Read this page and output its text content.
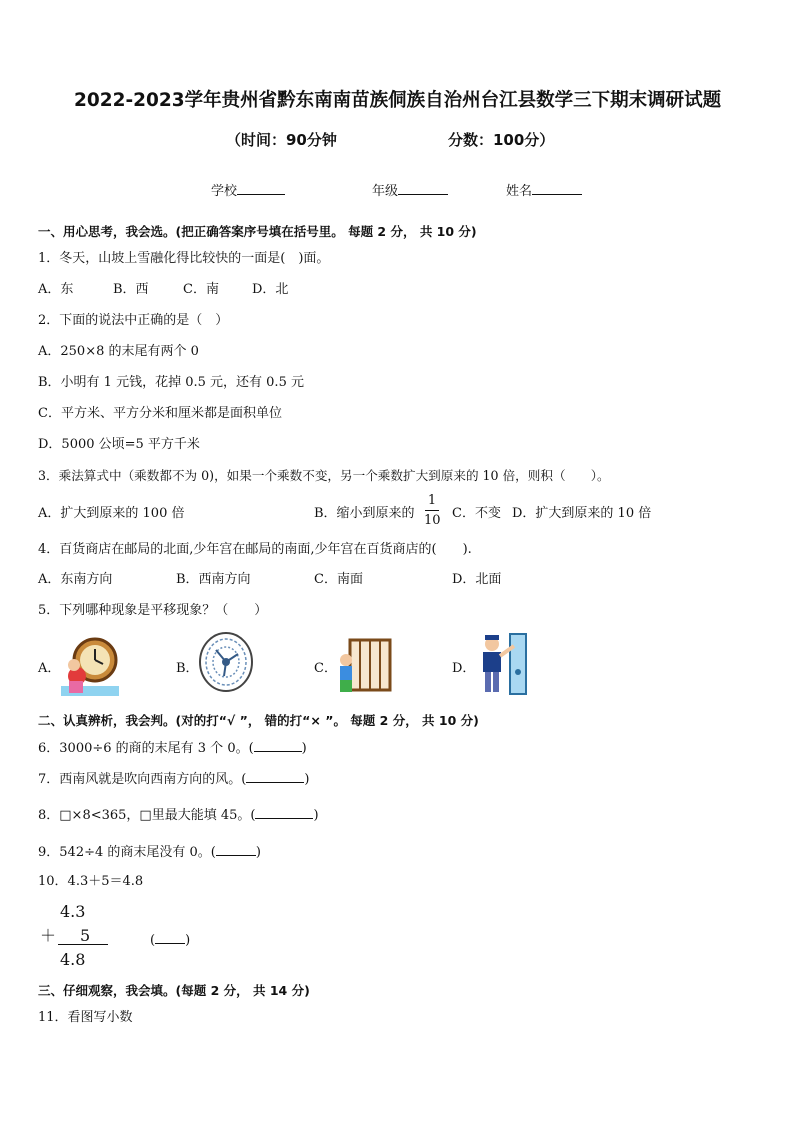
2022-2023学年贵州省黔东南南苗族侗族自治州台江县数学三下期末调研试题
（时间：90分钟	分数：100分）
学校	年级	姓名
一、用心思考，我会选。(把正确答案序号填在括号里。 每题 2 分， 共 10 分)
1．冬天，山坡上雪融化得比较快的一面是(　)面。
A．东	B．西	C．南	D．北
2．下面的说法中正确的是（　）
A．250×8 的末尾有两个 0
B．小明有 1 元钱，花掉 0.5 元，还有 0.5 元
C．平方米、平方分米和厘米都是面积单位
D．5000 公顷=5 平方千米
3．乘法算式中（乘数都不为 0)，如果一个乘数不变，另一个乘数扩大到原来的 10 倍，则积（　　）。
A．扩大到原来的 100 倍	B．缩小到原来的
1
10 C．不变 D．扩大到原来的 10 倍
4．百货商店在邮局的北面,少年宫在邮局的南面,少年宫在百货商店的(　　).
A．东南方向	B．西南方向	C．南面	D．北面
5．下列哪种现象是平移现象？（　　）
A．	B．	C．	D．
二、认真辨析，我会判。(对的打“√ ”， 错的打“× ”。 每题 2 分， 共 10 分)
6．3000÷6 的商的末尾有 3 个 0。(	)
7．西南风就是吹向西南方向的风。(	)
8．□×8<365，□里最大能填 45。(	)
9．542÷4 的商末尾没有 0。(	)
10．4.3＋5＝4.8
4.3
＋ 5
4.8
( )
三、仔细观察，我会填。(每题 2 分， 共 14 分)
11．看图写小数
